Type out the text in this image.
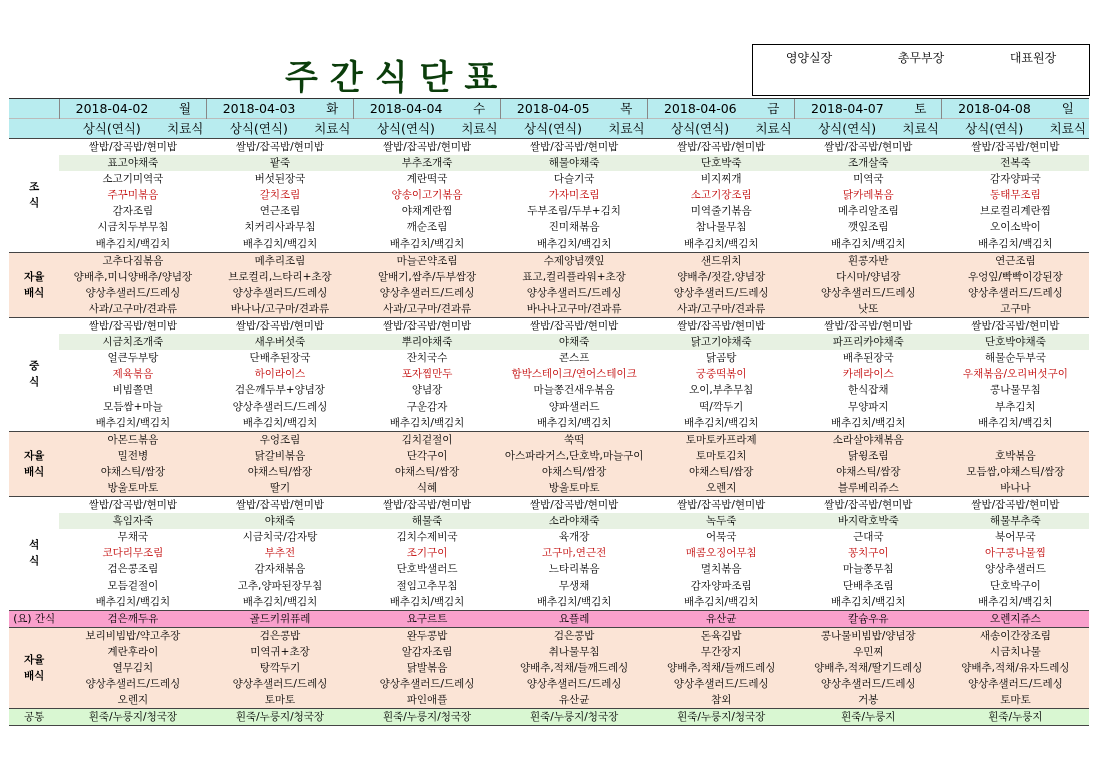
주간식단표	영양실장	총무부장	대표원장
	2018-04-02	월	2018-04-03	화	2018-04-04	수	2018-04-05	목	2018-04-06	금	2018-04-07	토	2018-04-08	일
	상식(연식)	치료식	상식(연식)	치료식	상식(연식)	치료식	상식(연식)	치료식	상식(연식)	치료식	상식(연식)	치료식	상식(연식)	치료식
조
식	쌀밥/잡곡밥/현미밥		쌀밥/잡곡밥/현미밥		쌀밥/잡곡밥/현미밥		쌀밥/잡곡밥/현미밥		쌀밥/잡곡밥/현미밥		쌀밥/잡곡밥/현미밥		쌀밥/잡곡밥/현미밥	
	표고야채죽		팥죽		부추조개죽		해물야채죽		단호박죽		조개살죽		전복죽	
	소고기미역국		버섯된장국		계란떡국		다슬기국		비지찌개		미역국		감자양파국	
	주꾸미볶음		갈치조림		양송이고기볶음		가자미조림		소고기장조림		닭카레볶음		동태무조림	
	감자조림		연근조림		야채계란찜		두부조림/두부+김치		미역줄기볶음		메추리알조림		브로컬리계란찜	
	시금치두부무침		치커리사과무침		깨순조림		진미채볶음		참나물무침		깻잎조림		오이소박이	
	배추김치/백김치		배추김치/백김치		배추김치/백김치		배추김치/백김치		배추김치/백김치		배추김치/백김치		배추김치/백김치	
자율
배식	고추다짐볶음		메추리조림		마늘곤약조림		수제양념깻잎		샌드위치		흰콩자반		연근조림	
	양배추,미니양배추/양념장		브로컬리,느타리+초장		알배기,쌈추/두부쌈장		표고,컬리플라워+초장		양배추/젓갈,양념장		다시마/양념장		우엉잎/빡빡이강된장	
	양상추샐러드/드레싱		양상추샐러드/드레싱		양상추샐러드/드레싱		양상추샐러드/드레싱		양상추샐러드/드레싱		양상추샐러드/드레싱		양상추샐러드/드레싱	
	사과/고구마/견과류		바나나/고구마/견과류		사과/고구마/견과류		바나나고구마/견과류		사과/고구마/견과류		낫또		고구마	
중
식	쌀밥/잡곡밥/현미밥		쌀밥/잡곡밥/현미밥		쌀밥/잡곡밥/현미밥		쌀밥/잡곡밥/현미밥		쌀밥/잡곡밥/현미밥		쌀밥/잡곡밥/현미밥		쌀밥/잡곡밥/현미밥	
	시금치조개죽		새우버섯죽		뿌리야채죽		야채죽		닭고기야채죽		파프리카야채죽		단호박야채죽	
	얼큰두부탕		단배추된장국		잔치국수		콘스프		닭곰탕		배추된장국		해물순두부국	
	제육볶음		하이라이스		포자찜만두		함박스테이크/연어스테이크		궁중떡볶이		카레라이스		우채볶음/오리버섯구이	
	비빔쫄면		검은깨두부+양념장		양념장		마늘쫑건새우볶음		오이,부추무침		한식잡채		콩나물무침	
	모듬쌈+마늘		양상추샐러드/드레싱		구운감자		양파샐러드		떡/깍두기		무양파지		부추김치	
	배추김치/백김치		배추김치/백김치		배추김치/백김치		배추김치/백김치		배추김치/백김치		배추김치/백김치		배추김치/백김치	
자율
배식	아몬드볶음		우엉조림		김치겉절이		쑥떡		토마토카프라제		소라살야채볶음			
	밀전병		닭갈비볶음		단각구이		아스파라거스,단호박,마늘구이		토마토김치		닭윙조림		호박볶음	
	야채스틱/쌈장		야채스틱/쌈장		야채스틱/쌈장		야채스틱/쌈장		야채스틱/쌈장		야채스틱/쌈장		모듬쌈,야채스틱/쌈장	
	방울토마토		딸기		식혜		방울토마토		오렌지		블루베리쥬스		바나나	
석
식	쌀밥/잡곡밥/현미밥		쌀밥/잡곡밥/현미밥		쌀밥/잡곡밥/현미밥		쌀밥/잡곡밥/현미밥		쌀밥/잡곡밥/현미밥		쌀밥/잡곡밥/현미밥		쌀밥/잡곡밥/현미밥	
	흑임자죽		야채죽		해물죽		소라야채죽		녹두죽		바지락호박죽		해물부추죽	
	무채국		시금치국/감자탕		김치수제비국		육개장		어묵국		근대국		북어무국	
	코다리무조림		부추전		조기구이		고구마,연근전		매콤오징어무침		꽁치구이		아구콩나물찜	
	검은콩조림		감자채볶음		단호박샐러드		느타리볶음		멸치볶음		마늘쫑무침		양상추샐러드	
	모듬겉절이		고추,양파된장무침		절임고추무침		무생채		감자양파조림		단배추조림		단호박구이	
	배추김치/백김치		배추김치/백김치		배추김치/백김치		배추김치/백김치		배추김치/백김치		배추김치/백김치		배추김치/백김치	
(요) 간식	검은깨두유		골드키위퓨레		요구르트		요플레		유산균		칼슘우유		오렌지쥬스	
자율
배식	보리비빔밥/약고추장		검은콩밥		완두콩밥		검은콩밥		돈육김밥		콩나물비빔밥/양념장		새송이간장조림	
	계란후라이		미역귀+초장		알감자조림		취나물무침		무간장지		우민찌		시금치나물	
	열무김치		탕깍두기		닭발볶음		양배추,적채/들깨드레싱		양배추,적채/들깨드레싱		양배추,적채/딸기드레싱		양배추,적채/유자드레싱	
	양상추샐러드/드레싱		양상추샐러드/드레싱		양상추샐러드/드레싱		양상추샐러드/드레싱		양상추샐러드/드레싱		양상추샐러드/드레싱		양상추샐러드/드레싱	
	오렌지		토마토		파인애플		유산균		참외		거봉		토마토	
공통	흰죽/누룽지/청국장		흰죽/누룽지/청국장		흰죽/누룽지/청국장		흰죽/누룽지/청국장		흰죽/누룽지/청국장		흰죽/누룽지		흰죽/누룽지	
